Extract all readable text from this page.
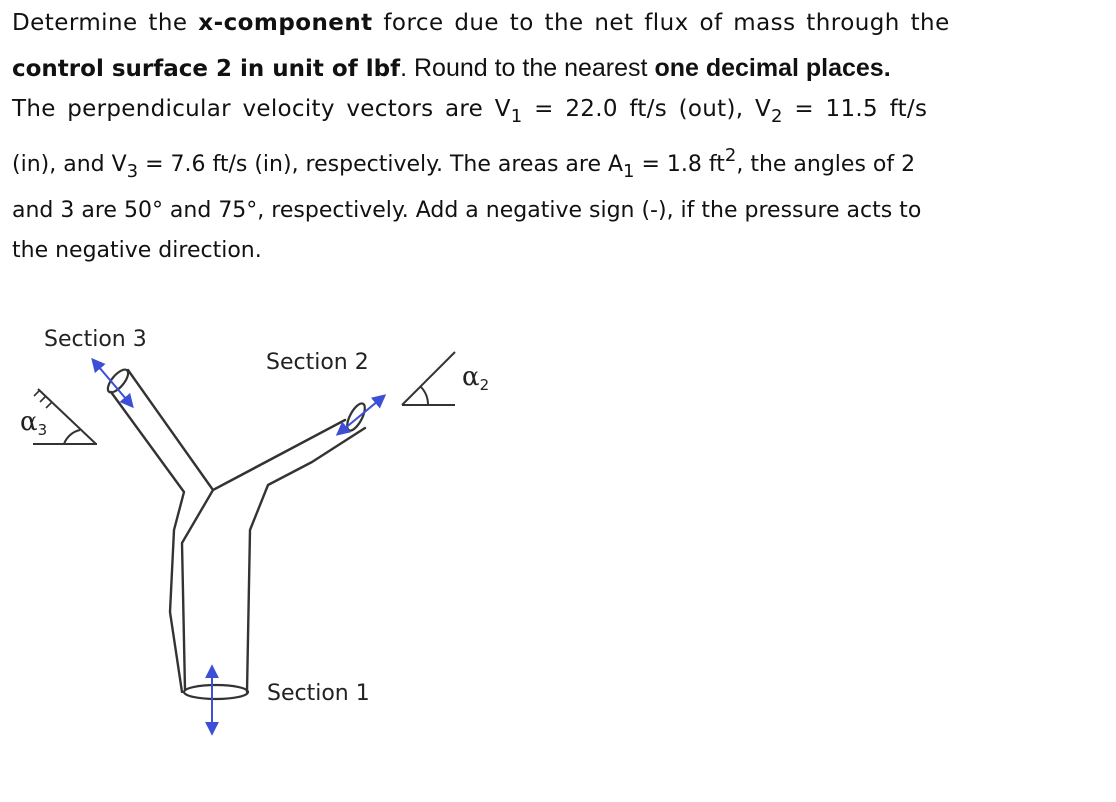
Determine the x-component force due to the net flux of mass through the
control surface 2 in unit of lbf. Round to the nearest one decimal places.
The perpendicular velocity vectors are $V_1 = 22.0$ ft/s (out), $V_2 = 11.5$ ft/s
(in), and $V_3 = 7.6$ ft/s (in), respectively. The areas are $A_1 = 1.8$ $ft^2$, the angles of 2
and 3 are 50° and 75°, respectively. Add a negative sign (-), if the pressure acts to
the negative direction.
α3
α2
Section 3
Section 2
Section 1
